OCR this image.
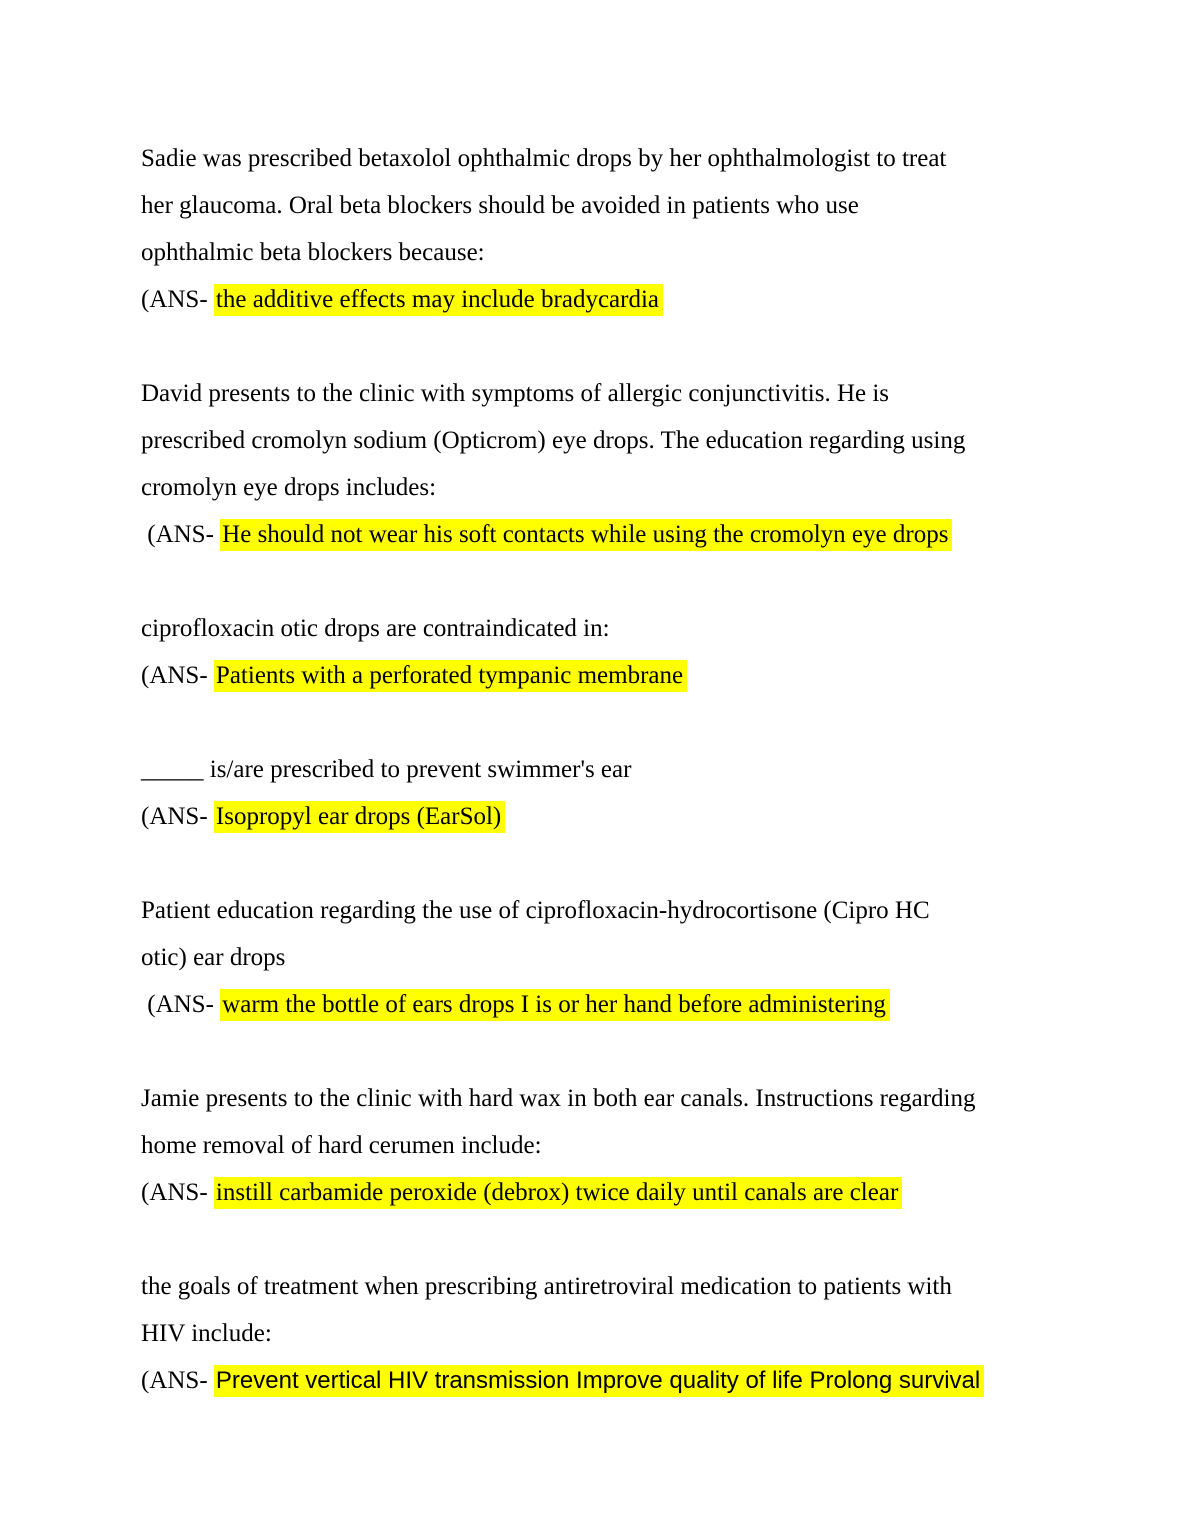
Sadie was prescribed betaxolol ophthalmic drops by her ophthalmologist to treat
her glaucoma. Oral beta blockers should be avoided in patients who use
ophthalmic beta blockers because:
(ANS- the additive effects may include bradycardia
David presents to the clinic with symptoms of allergic conjunctivitis. He is
prescribed cromolyn sodium (Opticrom) eye drops. The education regarding using
cromolyn eye drops includes:
(ANS- He should not wear his soft contacts while using the cromolyn eye drops
ciprofloxacin otic drops are contraindicated in:
(ANS- Patients with a perforated tympanic membrane
_____ is/are prescribed to prevent swimmer's ear
(ANS- Isopropyl ear drops (EarSol)
Patient education regarding the use of ciprofloxacin-hydrocortisone (Cipro HC
otic) ear drops
(ANS- warm the bottle of ears drops I is or her hand before administering
Jamie presents to the clinic with hard wax in both ear canals. Instructions regarding
home removal of hard cerumen include:
(ANS- instill carbamide peroxide (debrox) twice daily until canals are clear
the goals of treatment when prescribing antiretroviral medication to patients with
HIV include:
(ANS- Prevent vertical HIV transmission Improve quality of life Prolong survival
